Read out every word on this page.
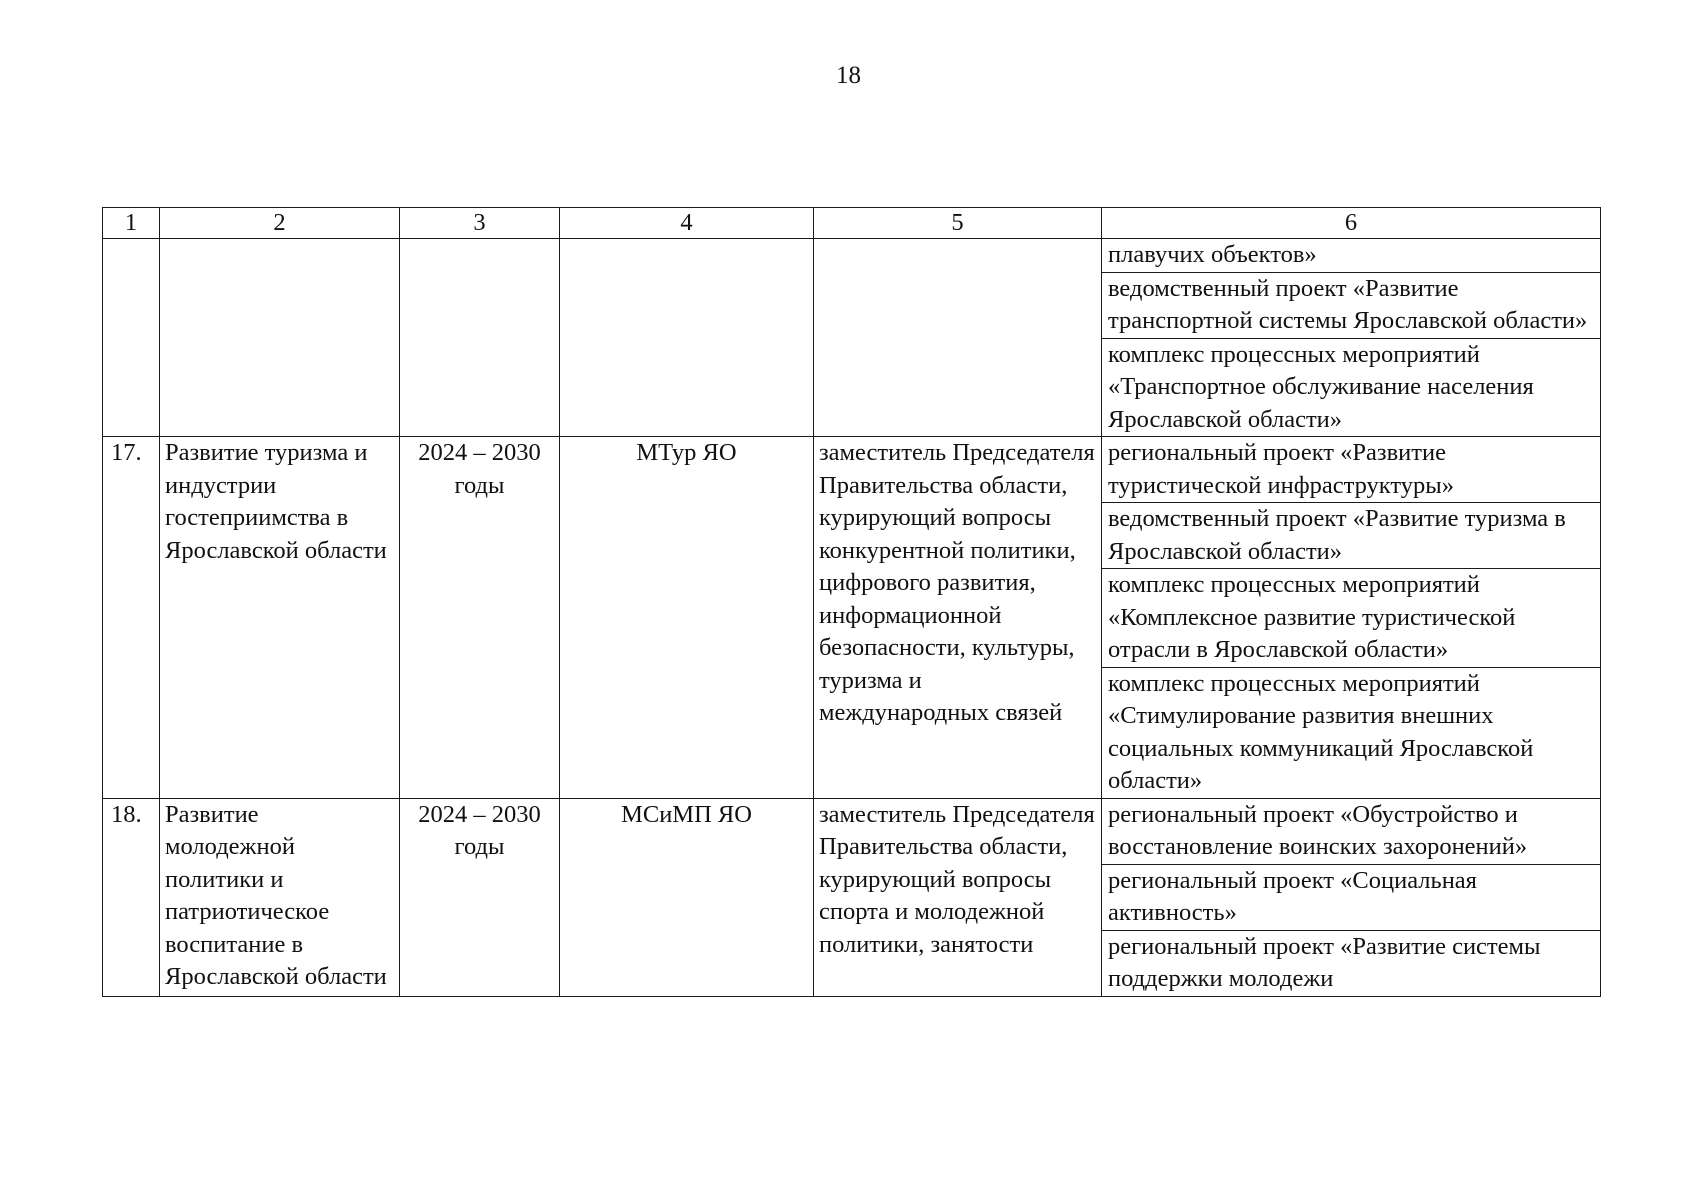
18
1	2	3	4	5	6

					плавучих объектов»
ведомственный проект «Развитие транспортной системы Ярославской области»
комплекс процессных мероприятий «Транспортное обслуживание населения Ярославской области»

17.	Развитие туризма и индустрии гостеприимства в Ярославской области	2024 – 2030 годы	МТур ЯО	заместитель Председателя Правительства области, курирующий вопросы конкурентной политики, цифрового развития, информационной безопасности, культуры, туризма и международных связей	региональный проект «Развитие туристической инфраструктуры»
ведомственный проект «Развитие туризма в Ярославской области»
комплекс процессных мероприятий «Комплексное развитие туристической отрасли в Ярославской области»
комплекс процессных мероприятий «Стимулирование развития внешних социальных коммуникаций Ярославской области»

18.	Развитие молодежной политики и патриотическое воспитание в Ярославской области	2024 – 2030 годы	МСиМП ЯО	заместитель Председателя Правительства области, курирующий вопросы спорта и молодежной политики, занятости	региональный проект «Обустройство и восстановление воинских захоронений»
региональный проект «Социальная активность»
региональный проект «Развитие системы поддержки молодежи
